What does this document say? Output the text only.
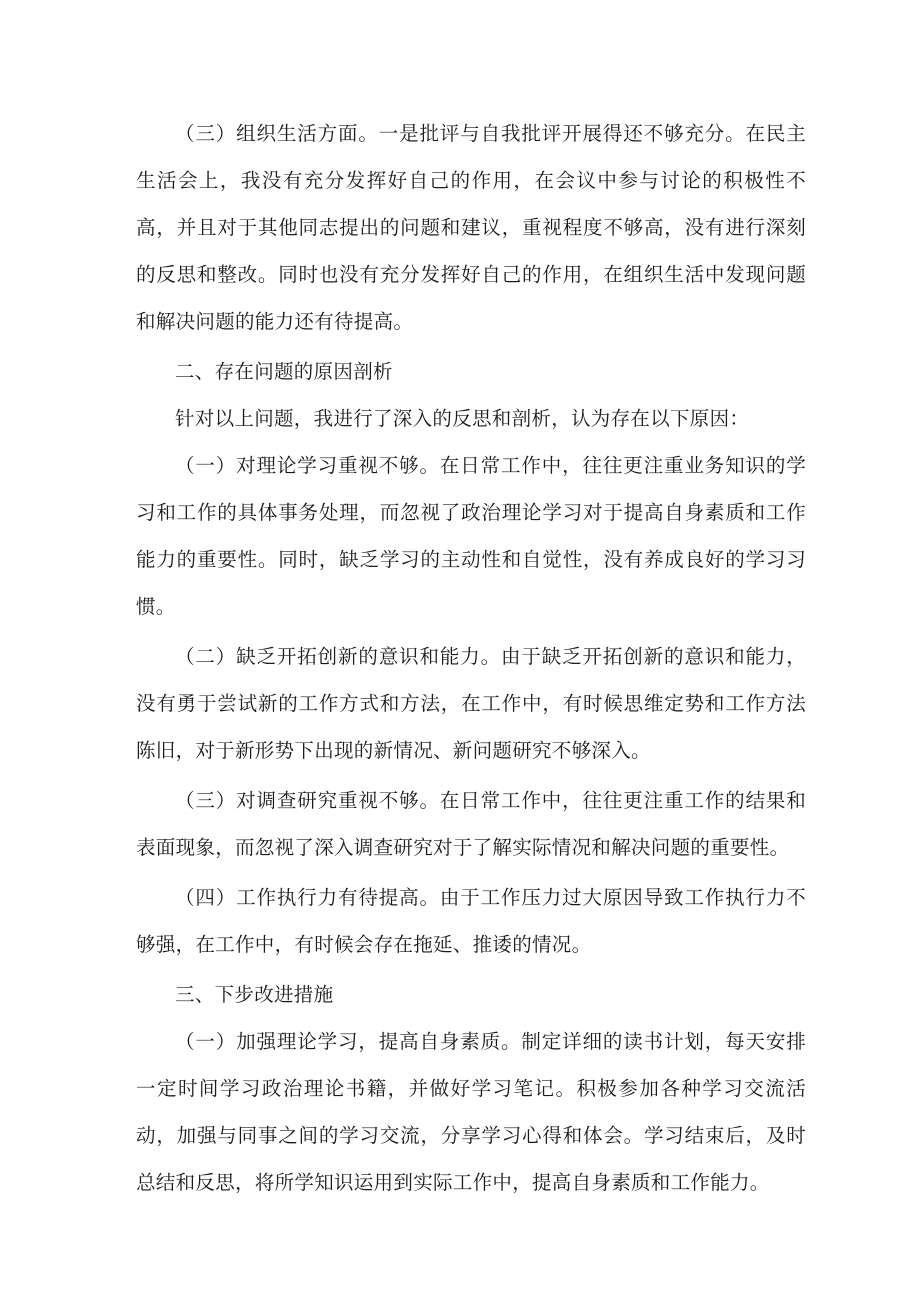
（三）组织生活方面。一是批评与自我批评开展得还不够充分。在民主生活会上，我没有充分发挥好自己的作用，在会议中参与讨论的积极性不高，并且对于其他同志提出的问题和建议，重视程度不够高，没有进行深刻的反思和整改。同时也没有充分发挥好自己的作用，在组织生活中发现问题和解决问题的能力还有待提高。

二、存在问题的原因剖析

针对以上问题，我进行了深入的反思和剖析，认为存在以下原因：

（一）对理论学习重视不够。在日常工作中，往往更注重业务知识的学习和工作的具体事务处理，而忽视了政治理论学习对于提高自身素质和工作能力的重要性。同时，缺乏学习的主动性和自觉性，没有养成良好的学习习惯。

（二）缺乏开拓创新的意识和能力。由于缺乏开拓创新的意识和能力，没有勇于尝试新的工作方式和方法，在工作中，有时候思维定势和工作方法陈旧，对于新形势下出现的新情况、新问题研究不够深入。

（三）对调查研究重视不够。在日常工作中，往往更注重工作的结果和表面现象，而忽视了深入调查研究对于了解实际情况和解决问题的重要性。

（四）工作执行力有待提高。由于工作压力过大原因导致工作执行力不够强，在工作中，有时候会存在拖延、推诿的情况。

三、下步改进措施

（一）加强理论学习，提高自身素质。制定详细的读书计划，每天安排一定时间学习政治理论书籍，并做好学习笔记。积极参加各种学习交流活动，加强与同事之间的学习交流，分享学习心得和体会。学习结束后，及时总结和反思，将所学知识运用到实际工作中，提高自身素质和工作能力。
